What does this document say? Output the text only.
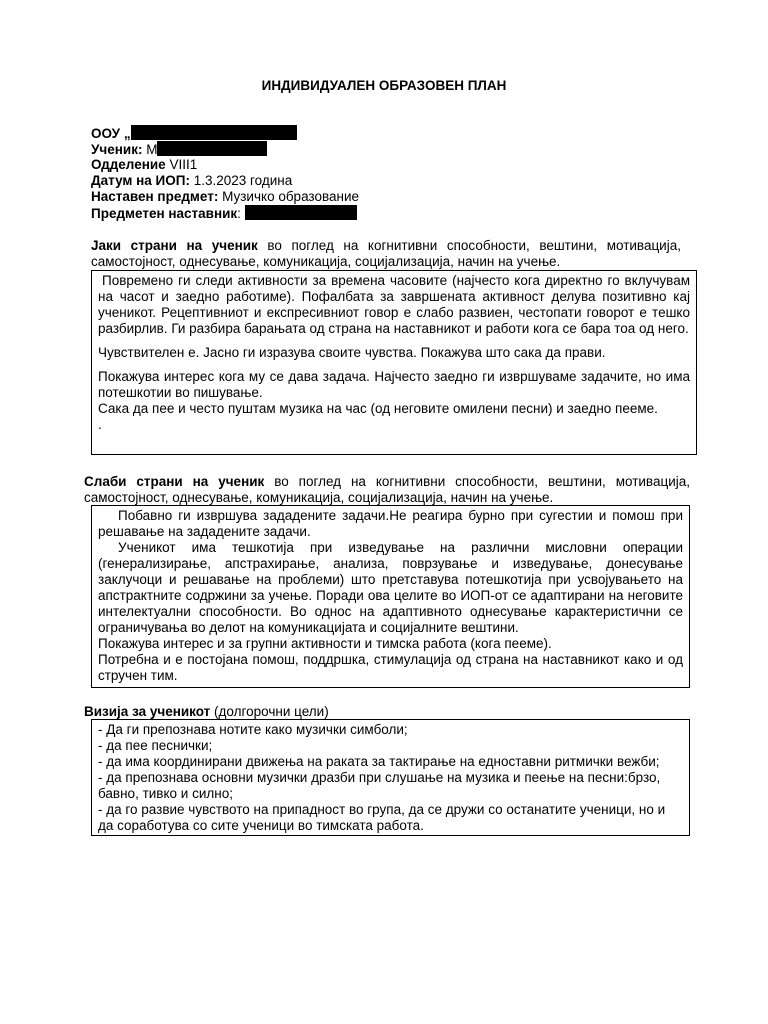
ИНДИВИДУАЛЕН ОБРАЗОВЕН ПЛАН
ООУ „
Ученик: М
Одделение VIII1
Датум на ИОП: 1.3.2023 година
Наставен предмет: Музичко образование
Предметен наставник:
Јаки страни на ученик во поглед на когнитивни способности, вештини, мотивација, самостојност, однесување, комуникација, социјализација, начин на учење.

Повремено ги следи активности за времена часовите (најчесто кога директно го вклучувам на часот и заедно работиме). Пофалбата за завршената активност делува позитивно кај ученикот. Рецептивниот и експресивниот говор е слабо развиен, честопати говорот е тешко разбирлив. Ги разбира барањата од страна на наставникот и работи кога се бара тоа од него.

Чувствителен е. Јасно ги изразува своите чувства. Покажува што сака да прави.

Покажува интерес кога му се дава задача. Најчесто заедно ги извршуваме задачите, но има потешкотии во пишување.

Сака да пее и често пуштам музика на час (од неговите омилени песни) и заедно пееме.

.

Слаби страни на ученик во поглед на когнитивни способности, вештини, мотивација, самостојност, однесување, комуникација, социјализација, начин на учење.

Побавно ги извршува зададените задачи.Не реагира бурно при сугестии и помош при решавање на зададените задачи.

Ученикот има тешкотија при изведување на различни мисловни операции (генерализирање, апстрахирање, анализа, поврзување и изведување, донесување заклучоци и решавање на проблеми) што претставува потешкотија при усвојувањето на апстрактните содржини за учење. Поради ова целите во ИОП-от се адаптирани на неговите интелектуални способности. Во однос на адаптивното однесување карактеристични се ограничувања во делот на комуникацијата и социјалните вештини.

Покажува интерес и за групни активности и тимска работа (кога пееме).

Потребна и е постојана помош, поддршка, стимулација од страна на наставникот како и од стручен тим.

Визија за ученикот (долгорочни цели)

- Да ги препознава нотите како музички симболи;

- да пее песнички;

- да има координирани движења на раката за тактирање на едноставни ритмички вежби;

- да препознава основни музички дразби при слушање на музика и пеење на песни:брзо, бавно, тивко и силно;

- да го развие чувството на припадност во група, да се дружи со останатите ученици, но и да соработува со сите ученици во тимската работа.
